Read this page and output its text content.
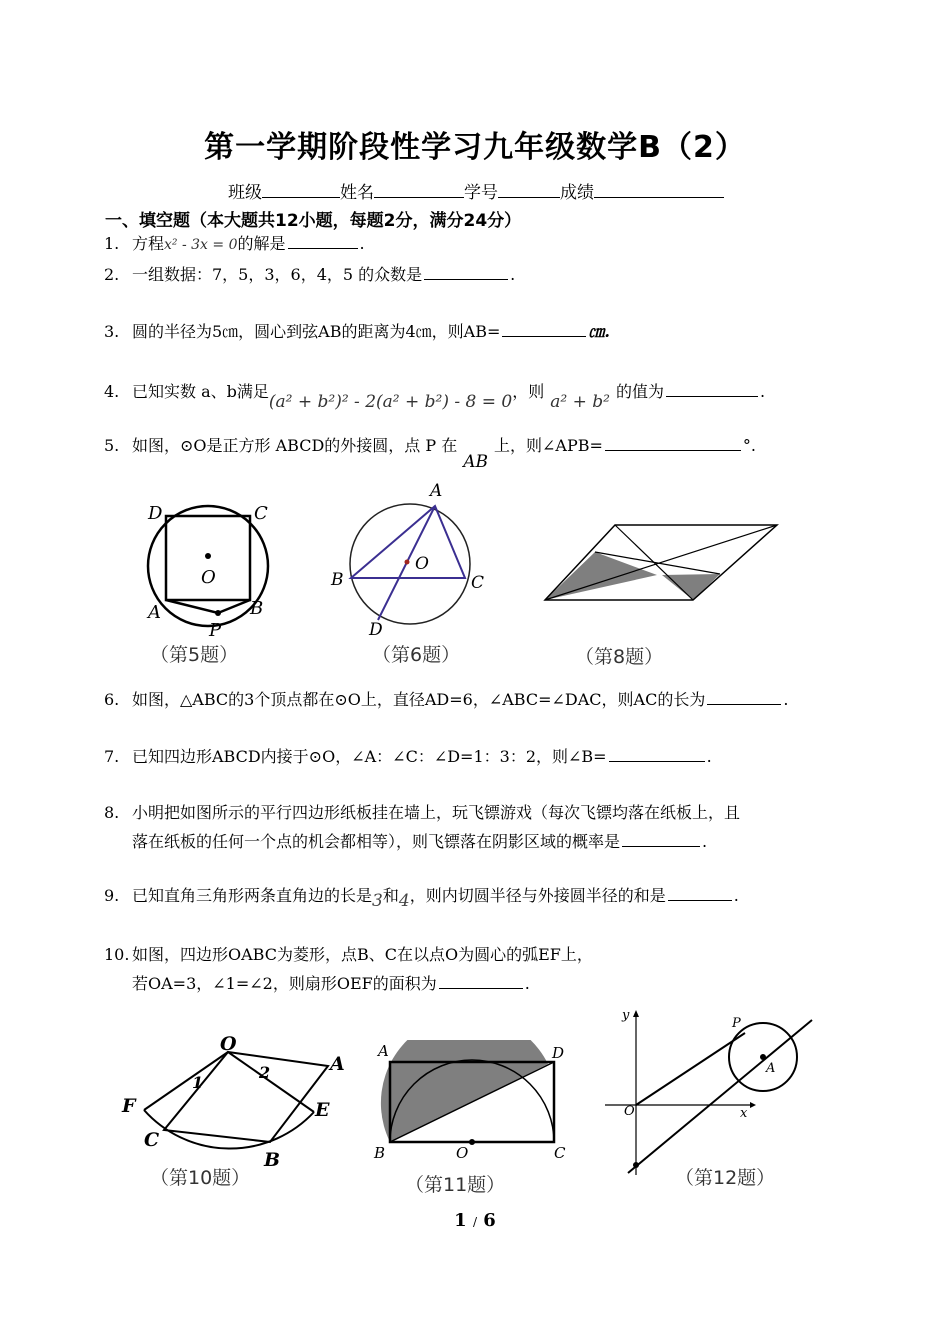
第一学期阶段性学习九年级数学B（2）
班级	姓名	学号	成绩
一、填空题（本大题共12小题，每题2分，满分24分）
1. 方程x² - 3x = 0的解是	.
2. 一组数据：7，5，3，6，4，5 的众数是	.
3. 圆的半径为5㎝，圆心到弦AB的距离为4㎝，则AB=	㎝.
4. 已知实数 a、b满足(a² + b²)² - 2(a² + b²) - 8 = 0，则a² + b²的值为	.
5. 如图，⊙O是正方形 ABCD的外接圆，点 P 在AB上，则∠APB=	°.
D	C
O
A	B
P
（第5题）
A
O
B	C
D
（第6题）	（第8题）
6. 如图，△ABC的3个顶点都在⊙O上，直径AD=6，∠ABC=∠DAC，则AC的长为	.
7. 已知四边形ABCD内接于⊙O，∠A：∠C：∠D=1：3：2，则∠B=	.
8. 小明把如图所示的平行四边形纸板挂在墙上，玩飞镖游戏（每次飞镖均落在纸板上，且
落在纸板的任何一个点的机会都相等），则飞镖落在阴影区域的概率是	.
9. 已知直角三角形两条直角边的长是3和4，则内切圆半径与外接圆半径的和是	.
10. 如图，四边形OABC为菱形，点B、C在以点O为圆心的弧EF上，
若OA=3，∠1=∠2，则扇形OEF的面积为	.
O
A
F	E
C
B
1
2
（第10题）
A	D
B	O	C
（第11题）
y
P
A
O	x
（第12题）
1 / 6
